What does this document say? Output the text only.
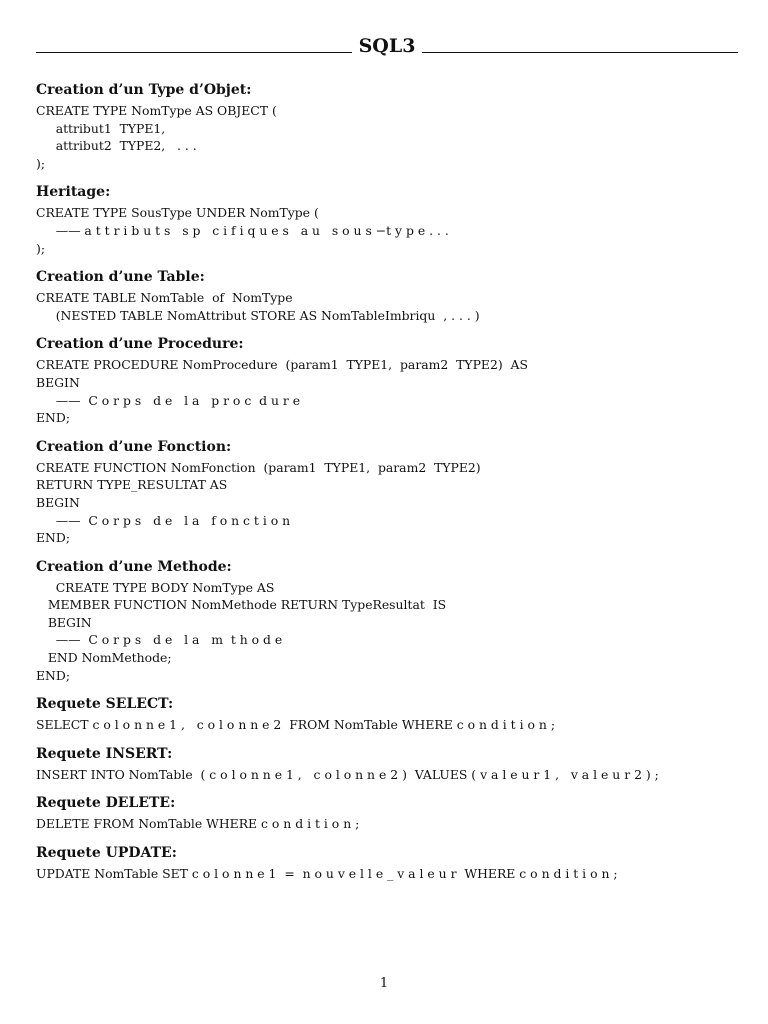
SQL3
Creation d’un Type d’Objet:
CREATE TYPE NomType AS OBJECT (
attribut1  TYPE1,
attribut2  TYPE2,   . . .
);
Heritage:
CREATE TYPE SousType UNDER NomType (
—— a t t r i b u t s   s p   c i f i q u e s   a u   s o u s −t y p e . . .
);
Creation d’une Table:
CREATE TABLE NomTable  of  NomType
(NESTED TABLE NomAttribut STORE AS NomTableImbriqu  , . . . )
Creation d’une Procedure:
CREATE PROCEDURE NomProcedure  (param1  TYPE1,  param2  TYPE2)  AS
BEGIN
——  C o r p s   d e   l a   p r o c  d u r e
END;
Creation d’une Fonction:
CREATE FUNCTION NomFonction  (param1  TYPE1,  param2  TYPE2)
RETURN TYPE_RESULTAT AS
BEGIN
——  C o r p s   d e   l a   f o n c t i o n
END;
Creation d’une Methode:
CREATE TYPE BODY NomType AS
MEMBER FUNCTION NomMethode RETURN TypeResultat  IS
BEGIN
——  C o r p s   d e   l a   m  t h o d e
END NomMethode;
END;
Requete SELECT:
SELECT c o l o n n e 1 ,   c o l o n n e 2  FROM NomTable WHERE c o n d i t i o n ;
Requete INSERT:
INSERT INTO NomTable  ( c o l o n n e 1 ,   c o l o n n e 2 )  VALUES ( v a l e u r 1 ,   v a l e u r 2 ) ;
Requete DELETE:
DELETE FROM NomTable WHERE c o n d i t i o n ;
Requete UPDATE:
UPDATE NomTable SET c o l o n n e 1  =  n o u v e l l e _ v a l e u r  WHERE c o n d i t i o n ;
1
